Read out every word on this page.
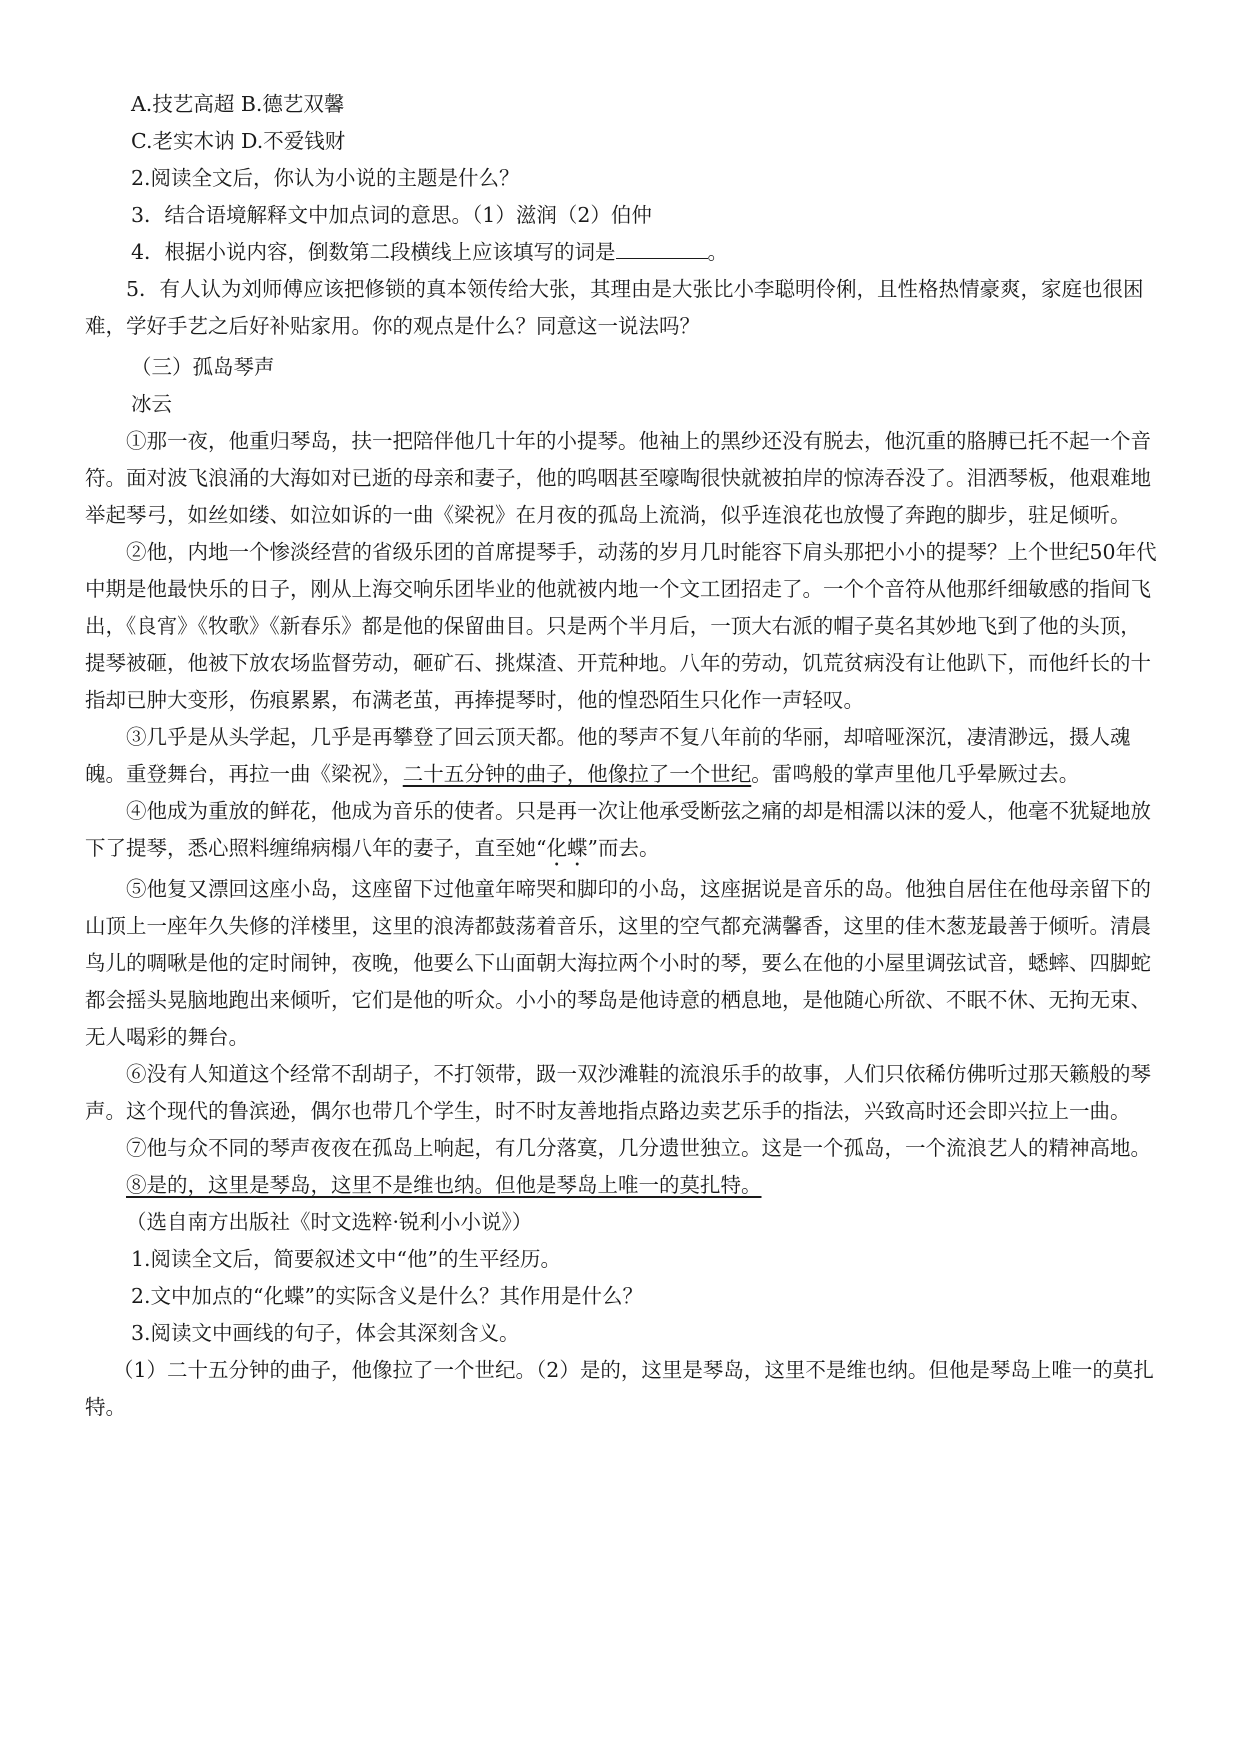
A.技艺高超 B.德艺双馨

C.老实木讷 D.不爱钱财

2.阅读全文后，你认为小说的主题是什么？

3．结合语境解释文中加点词的意思。（1）滋润（2）伯仲

4．根据小说内容，倒数第二段横线上应该填写的词是	。

5．有人认为刘师傅应该把修锁的真本领传给大张，其理由是大张比小李聪明伶俐，且性格热情豪爽，家庭也很困难，学好手艺之后好补贴家用。你的观点是什么？同意这一说法吗？

（三）孤岛琴声

冰云

①那一夜，他重归琴岛，扶一把陪伴他几十年的小提琴。他袖上的黑纱还没有脱去，他沉重的胳膊已托不起一个音符。面对波飞浪涌的大海如对已逝的母亲和妻子，他的呜咽甚至嚎啕很快就被拍岸的惊涛吞没了。泪洒琴板，他艰难地举起琴弓，如丝如缕、如泣如诉的一曲《梁祝》在月夜的孤岛上流淌，似乎连浪花也放慢了奔跑的脚步，驻足倾听。

②他，内地一个惨淡经营的省级乐团的首席提琴手，动荡的岁月几时能容下肩头那把小小的提琴？上个世纪50年代中期是他最快乐的日子，刚从上海交响乐团毕业的他就被内地一个文工团招走了。一个个音符从他那纤细敏感的指间飞出，《良宵》《牧歌》《新春乐》都是他的保留曲目。只是两个半月后，一顶大右派的帽子莫名其妙地飞到了他的头顶，提琴被砸，他被下放农场监督劳动，砸矿石、挑煤渣、开荒种地。八年的劳动，饥荒贫病没有让他趴下，而他纤长的十指却已肿大变形，伤痕累累，布满老茧，再捧提琴时，他的惶恐陌生只化作一声轻叹。

③几乎是从头学起，几乎是再攀登了回云顶天都。他的琴声不复八年前的华丽，却喑哑深沉，凄清渺远，摄人魂魄。重登舞台，再拉一曲《梁祝》，二十五分钟的曲子，他像拉了一个世纪。雷鸣般的掌声里他几乎晕厥过去。

④他成为重放的鲜花，他成为音乐的使者。只是再一次让他承受断弦之痛的却是相濡以沫的爱人，他毫不犹疑地放下了提琴，悉心照料缠绵病榻八年的妻子，直至她“化蝶”而去。

⑤他复又漂回这座小岛，这座留下过他童年啼哭和脚印的小岛，这座据说是音乐的岛。他独自居住在他母亲留下的山顶上一座年久失修的洋楼里，这里的浪涛都鼓荡着音乐，这里的空气都充满馨香，这里的佳木葱茏最善于倾听。清晨鸟儿的啁啾是他的定时闹钟，夜晚，他要么下山面朝大海拉两个小时的琴，要么在他的小屋里调弦试音，蟋蟀、四脚蛇都会摇头晃脑地跑出来倾听，它们是他的听众。小小的琴岛是他诗意的栖息地，是他随心所欲、不眠不休、无拘无束、无人喝彩的舞台。

⑥没有人知道这个经常不刮胡子，不打领带，趿一双沙滩鞋的流浪乐手的故事，人们只依稀仿佛听过那天籁般的琴声。这个现代的鲁滨逊，偶尔也带几个学生，时不时友善地指点路边卖艺乐手的指法，兴致高时还会即兴拉上一曲。

⑦他与众不同的琴声夜夜在孤岛上响起，有几分落寞，几分遗世独立。这是一个孤岛，一个流浪艺人的精神高地。

⑧是的，这里是琴岛，这里不是维也纳。但他是琴岛上唯一的莫扎特。

（选自南方出版社《时文选粹·锐利小小说》）

1.阅读全文后，简要叙述文中“他”的生平经历。

2.文中加点的“化蝶”的实际含义是什么？其作用是什么？

3.阅读文中画线的句子，体会其深刻含义。

（1）二十五分钟的曲子，他像拉了一个世纪。（2）是的，这里是琴岛，这里不是维也纳。但他是琴岛上唯一的莫扎特。
